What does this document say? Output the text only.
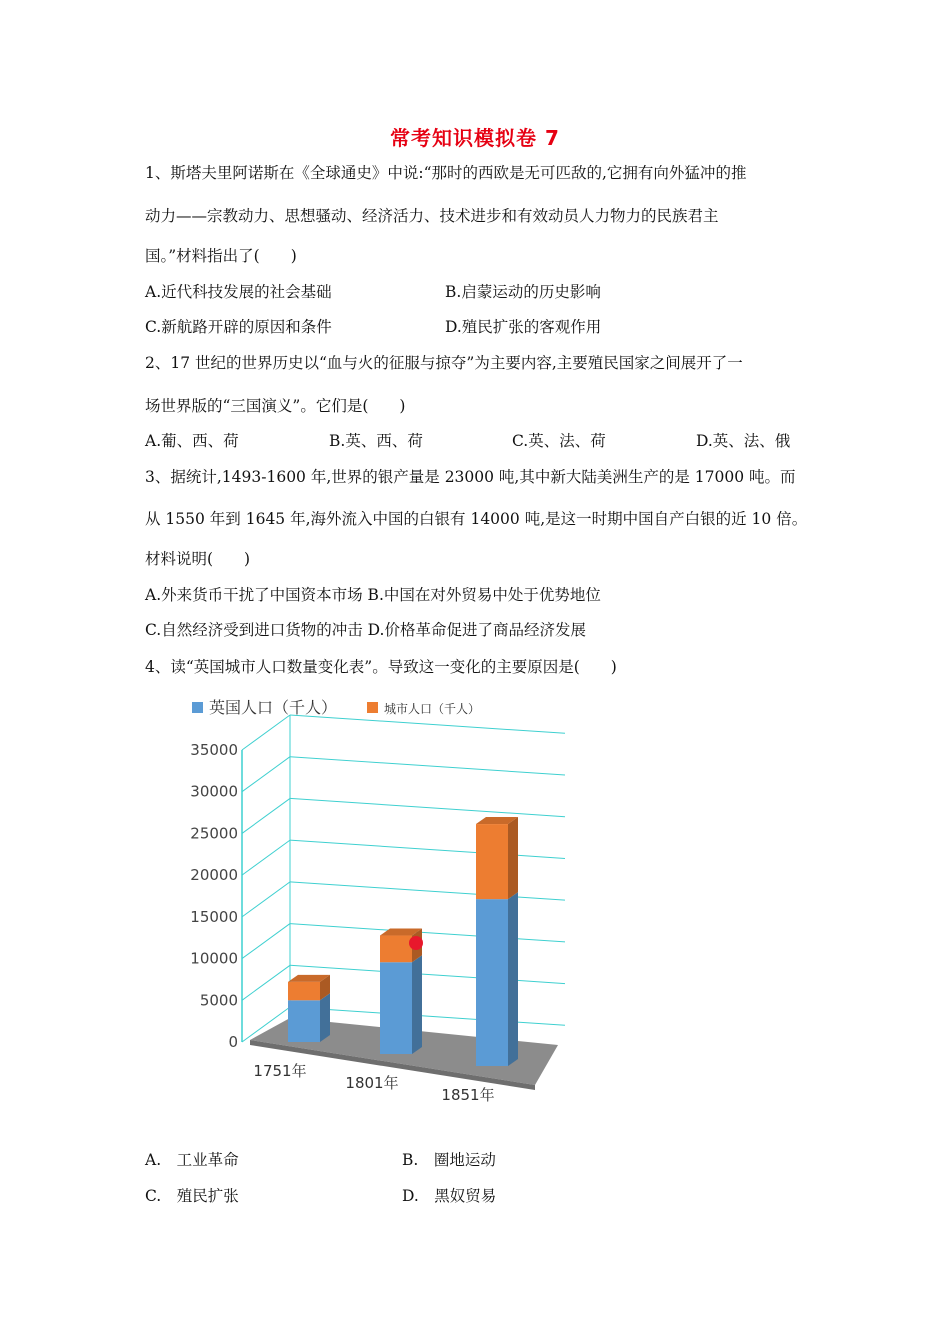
常考知识模拟卷 7
1、斯塔夫里阿诺斯在《全球通史》中说:“那时的西欧是无可匹敌的,它拥有向外猛冲的推
动力——宗教动力、思想骚动、经济活力、技术进步和有效动员人力物力的民族君主
国。”材料指出了(　　)
A.近代科技发展的社会基础	B.启蒙运动的历史影响
C.新航路开辟的原因和条件	D.殖民扩张的客观作用
2、17 世纪的世界历史以“血与火的征服与掠夺”为主要内容,主要殖民国家之间展开了一
场世界版的“三国演义”。它们是(　　)
A.葡、西、荷	B.英、西、荷	C.英、法、荷	D.英、法、俄
3、据统计,1493-1600 年,世界的银产量是 23000 吨,其中新大陆美洲生产的是 17000 吨。而
从 1550 年到 1645 年,海外流入中国的白银有 14000 吨,是这一时期中国自产白银的近 10 倍。
材料说明(　　)
A.外来货币干扰了中国资本市场 B.中国在对外贸易中处于优势地位
C.自然经济受到进口货物的冲击 D.价格革命促进了商品经济发展
4、读“英国城市人口数量变化表”。导致这一变化的主要原因是(　　)
英国人口（千人）	城市人口（千人）
0
5000
10000
15000
20000
25000
30000
35000
1751年
1801年
1851年
A.　工业革命	B.　圈地运动
C.　殖民扩张	D.　黑奴贸易
